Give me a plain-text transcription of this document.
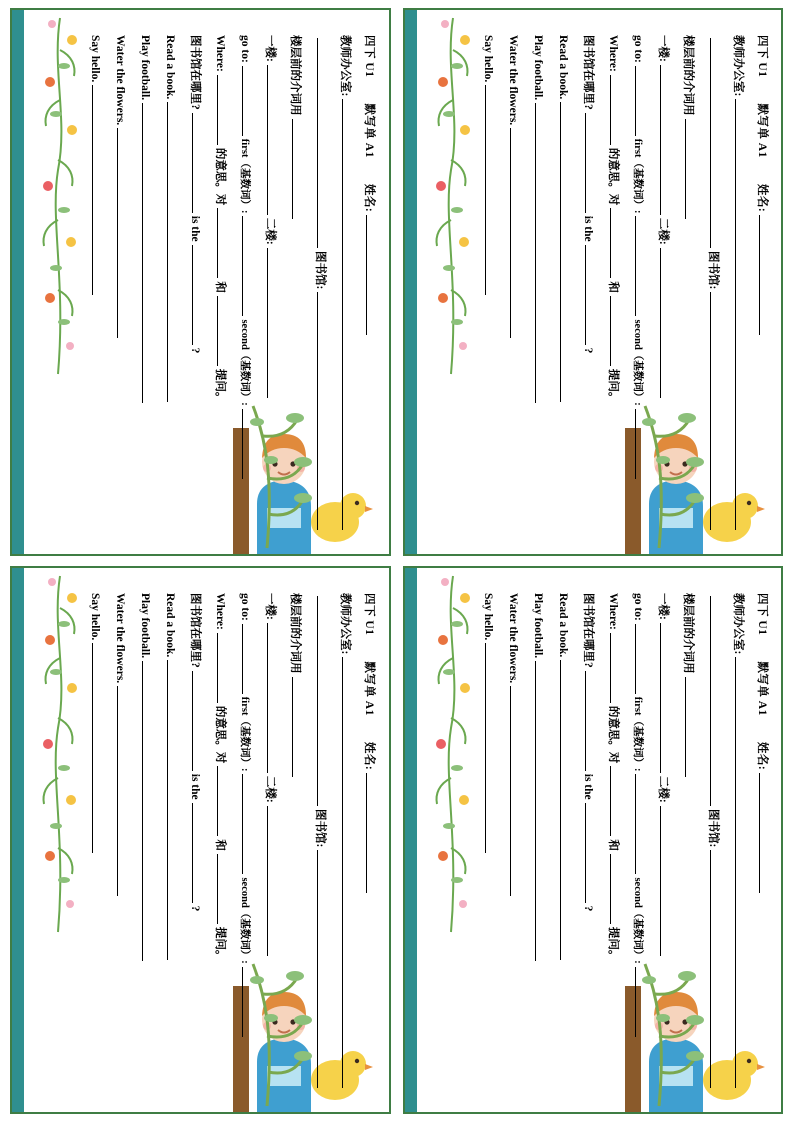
四下 U1
默写单 A1
姓名:
教师办公室:
图书馆:
楼层前的介词用
一楼:
二楼:
go to:
first（基数词）:
second（基数词）:
Where:
的意思。对
和
提问。
图书馆在哪里?
is the
?
Read a book.
Play football.
Water the flowers.
Say hello.	四下 U1
默写单 A1
姓名:
教师办公室:
图书馆:
楼层前的介词用
一楼:
二楼:
go to:
first（基数词）:
second（基数词）:
Where:
的意思。对
和
提问。
图书馆在哪里?
is the
?
Read a book.
Play football.
Water the flowers.
Say hello.
四下 U1
默写单 A1
姓名:
教师办公室:
图书馆:
楼层前的介词用
一楼:
二楼:
go to:
first（基数词）:
second（基数词）:
Where:
的意思。对
和
提问。
图书馆在哪里?
is the
?
Read a book.
Play football.
Water the flowers.
Say hello.	四下 U1
默写单 A1
姓名:
教师办公室:
图书馆:
楼层前的介词用
一楼:
二楼:
go to:
first（基数词）:
second（基数词）:
Where:
的意思。对
和
提问。
图书馆在哪里?
is the
?
Read a book.
Play football.
Water the flowers.
Say hello.
